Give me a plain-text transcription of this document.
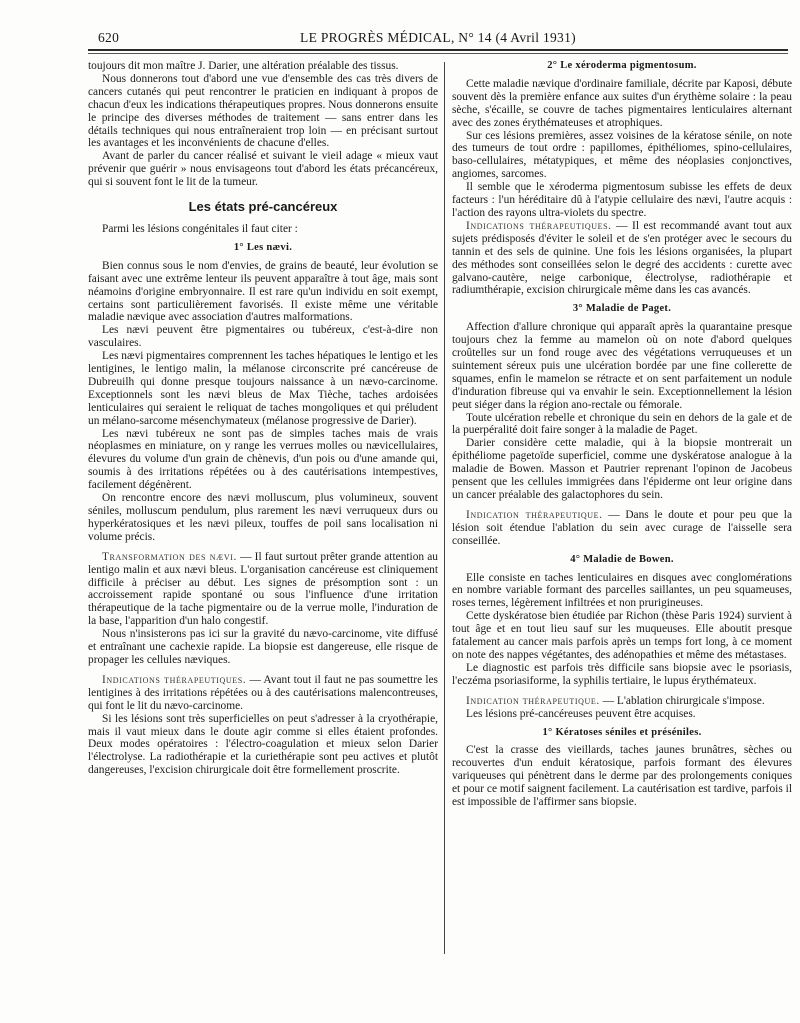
620	LE PROGRÈS MÉDICAL, N° 14 (4 Avril 1931)

toujours dit mon maître J. Darier, une altération préalable des tissus.

Nous donnerons tout d'abord une vue d'ensemble des cas très divers de cancers cutanés qui peut rencontrer le praticien en indiquant à propos de chacun d'eux les indications thérapeutiques propres. Nous donnerons ensuite le principe des diverses méthodes de traitement — sans entrer dans les détails techniques qui nous entraîneraient trop loin — en précisant surtout les avantages et les inconvénients de chacune d'elles.

Avant de parler du cancer réalisé et suivant le vieil adage « mieux vaut prévenir que guérir » nous envisageons tout d'abord les états précancéreux, qui si souvent font le lit de la tumeur.

Les états pré-cancéreux

Parmi les lésions congénitales il faut citer :

1° Les nævi.

Bien connus sous le nom d'envies, de grains de beauté, leur évolution se faisant avec une extrême lenteur ils peuvent apparaître à tout âge, mais sont néamoins d'origine embryonnaire. Il est rare qu'un individu en soit exempt, certains sont particulièrement favorisés. Il existe même une véritable maladie nævique avec association d'autres malformations.

Les nævi peuvent être pigmentaires ou tubéreux, c'est-à-dire non vasculaires.

Les nævi pigmentaires comprennent les taches hépatiques le lentigo et les lentigines, le lentigo malin, la mélanose circonscrite pré cancéreuse de Dubreuilh qui donne presque toujours naissance à un nævo-carcinome. Exceptionnels sont les nævi bleus de Max Tièche, taches ardoisées lenticulaires qui seraient le reliquat de taches mongoliques et qui préludent un mélano-sarcome mésenchymateux (mélanose progressive de Darier).

Les nævi tubéreux ne sont pas de simples taches mais de vrais néoplasmes en miniature, on y range les verrues molles ou nævicellulaires, élevures du volume d'un grain de chènevis, d'un pois ou d'une amande qui, soumis à des irritations répétées ou à des cautérisations intempestives, facilement dégénèrent.

On rencontre encore des nævi molluscum, plus volumineux, souvent séniles, molluscum pendulum, plus rarement les nævi verruqueux durs ou hyperkératosiques et les nævi pileux, touffes de poil sans localisation ni volume précis.

Transformation des nævi. — Il faut surtout prêter grande attention au lentigo malin et aux nævi bleus. L'organisation cancéreuse est cliniquement difficile à préciser au début. Les signes de présomption sont : un accroissement rapide spontané ou sous l'influence d'une irritation thérapeutique de la tache pigmentaire ou de la verrue molle, l'induration de la base, l'apparition d'un halo congestif.

Nous n'insisterons pas ici sur la gravité du nævo-carcinome, vite diffusé et entraînant une cachexie rapide. La biopsie est dangereuse, elle risque de propager les cellules næviques.

Indications thérapeutiques. — Avant tout il faut ne pas soumettre les lentigines à des irritations répétées ou à des cautérisations malencontreuses, qui font le lit du nævo-carcinome.

Si les lésions sont très superficielles on peut s'adresser à la cryothérapie, mais il vaut mieux dans le doute agir comme si elles étaient profondes. Deux modes opératoires : l'électro-coagulation et mieux selon Darier l'électrolyse. La radiothérapie et la curiethérapie sont peu actives et plutôt dangereuses, l'excision chirurgicale doit être formellement proscrite.

2° Le xéroderma pigmentosum.

Cette maladie nævique d'ordinaire familiale, décrite par Kaposi, débute souvent dès la première enfance aux suites d'un érythème solaire : la peau sèche, s'écaille, se couvre de taches pigmentaires lenticulaires alternant avec des zones érythémateuses et atrophiques.

Sur ces lésions premières, assez voisines de la kératose sénile, on note des tumeurs de tout ordre : papillomes, épithéliomes, spino-cellulaires, baso-cellulaires, métatypiques, et même des néoplasies conjonctives, angiomes, sarcomes.

Il semble que le xéroderma pigmentosum subisse les effets de deux facteurs : l'un héréditaire dû à l'atypie cellulaire des nævi, l'autre acquis : l'action des rayons ultra-violets du spectre.

Indications thérapeutiques. — Il est recommandé avant tout aux sujets prédisposés d'éviter le soleil et de s'en protéger avec le secours du tannin et des sels de quinine. Une fois les lésions organisées, la plupart des méthodes sont conseillées selon le degré des accidents : curette avec galvano-cautère, neige carbonique, électrolyse, radiothérapie et radiumthérapie, excision chirurgicale même dans les cas avancés.

3° Maladie de Paget.

Affection d'allure chronique qui apparaît après la quarantaine presque toujours chez la femme au mamelon où on note d'abord quelques croûtelles sur un fond rouge avec des végétations verruqueuses et un suintement séreux puis une ulcération bordée par une fine collerette de squames, enfin le mamelon se rétracte et on sent parfaitement un nodule d'induration fibreuse qui va envahir le sein. Exceptionnellement la lésion peut siéger dans la région ano-rectale ou fémorale.

Toute ulcération rebelle et chronique du sein en dehors de la gale et de la puerpéralité doit faire songer à la maladie de Paget.

Darier considère cette maladie, qui à la biopsie montrerait un épithéliome pagetoïde superficiel, comme une dyskératose analogue à la maladie de Bowen. Masson et Pautrier reprenant l'opinon de Jacobeus pensent que les cellules immigrées dans l'épiderme ont leur origine dans un cancer préalable des galactophores du sein.

Indication thérapeutique. — Dans le doute et pour peu que la lésion soit étendue l'ablation du sein avec curage de l'aisselle sera conseillée.

4° Maladie de Bowen.

Elle consiste en taches lenticulaires en disques avec conglomérations en nombre variable formant des parcelles saillantes, un peu squameuses, roses ternes, légèrement infiltrées et non prurigineuses.

Cette dyskératose bien étudiée par Richon (thèse Paris 1924) survient à tout âge et en tout lieu sauf sur les muqueuses. Elle aboutit presque fatalement au cancer mais parfois après un temps fort long, à ce moment on note des nappes végétantes, des adénopathies et même des métastases.

Le diagnostic est parfois très difficile sans biopsie avec le psoriasis, l'eczéma psoriasiforme, la syphilis tertiaire, le lupus érythémateux.

Indication thérapeutique. — L'ablation chirurgicale s'impose.

Les lésions pré-cancéreuses peuvent être acquises.

1° Kératoses séniles et préséniles.

C'est la crasse des vieillards, taches jaunes brunâtres, sèches ou recouvertes d'un enduit kératosique, parfois formant des élevures variqueuses qui pénètrent dans le derme par des prolongements coniques et pour ce motif saignent facilement. La cautérisation est tardive, parfois il est impossible de l'affirmer sans biopsie.
